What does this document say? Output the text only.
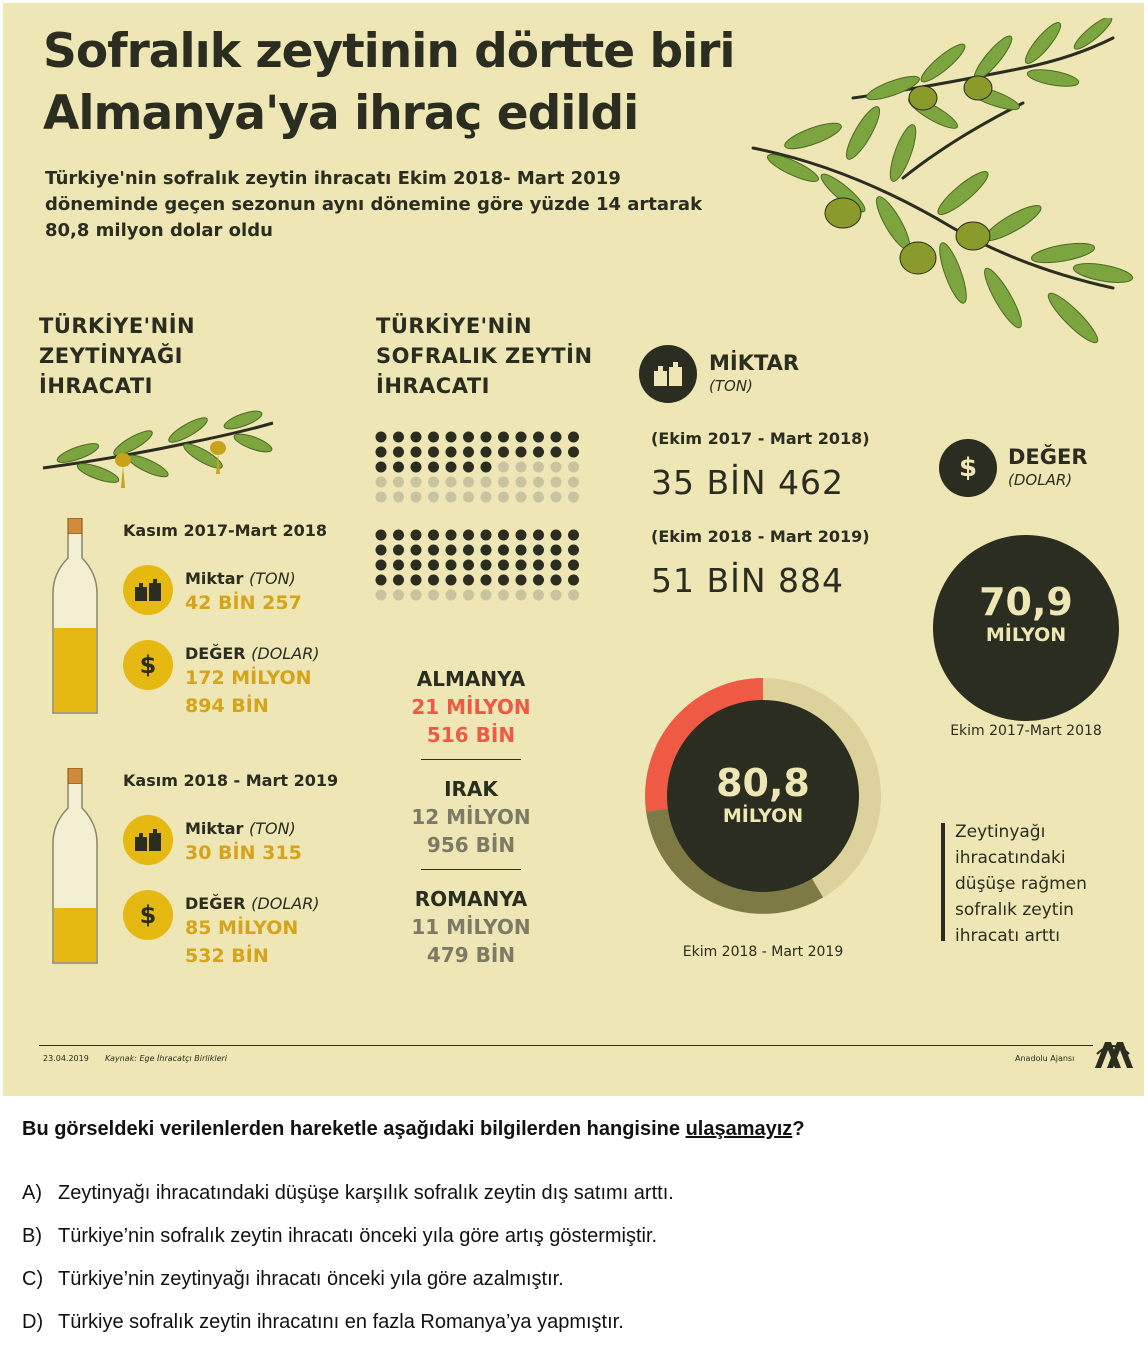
Sofralık zeytinin dörtte biri
Almanya'ya ihraç edildi
Türkiye'nin sofralık zeytin ihracatı Ekim 2018- Mart 2019
döneminde geçen sezonun aynı dönemine göre yüzde 14 artarak
80,8 milyon dolar oldu
TÜRKİYE'NİN
ZEYTİNYAĞI
İHRACATI
Kasım 2017-Mart 2018
Miktar (TON)
42 BİN 257
$ DEĞER (DOLAR)
172 MİLYON
894 BİN
Kasım 2018 - Mart 2019
Miktar (TON)
30 BİN 315
$ DEĞER (DOLAR)
85 MİLYON
532 BİN
TÜRKİYE'NİN
SOFRALIK ZEYTİN
İHRACATI
ALMANYA
21 MİLYON
516 BİN
IRAK
12 MİLYON
956 BİN
ROMANYA
11 MİLYON
479 BİN
MİKTAR
(TON)
(Ekim 2017 - Mart 2018)
35 BİN 462
(Ekim 2018 - Mart 2019)
51 BİN 884
$ DEĞER
(DOLAR)
70,9
MİLYON
Ekim 2017-Mart 2018
80,8
MİLYON
Ekim 2018 - Mart 2019
Zeytinyağı
ihracatındaki
düşüşe rağmen
sofralık zeytin
ihracatı arttı
23.04.2019 Kaynak: Ege İhracatçı Birlikleri	Anadolu Ajansı
Bu görseldeki verilenlerden hareketle aşağıdaki bilgilerden hangisine ulaşamayız?
A) Zeytinyağı ihracatındaki düşüşe karşılık sofralık zeytin dış satımı arttı.
B) Türkiye’nin sofralık zeytin ihracatı önceki yıla göre artış göstermiştir.
C) Türkiye’nin zeytinyağı ihracatı önceki yıla göre azalmıştır.
D) Türkiye sofralık zeytin ihracatını en fazla Romanya’ya yapmıştır.
